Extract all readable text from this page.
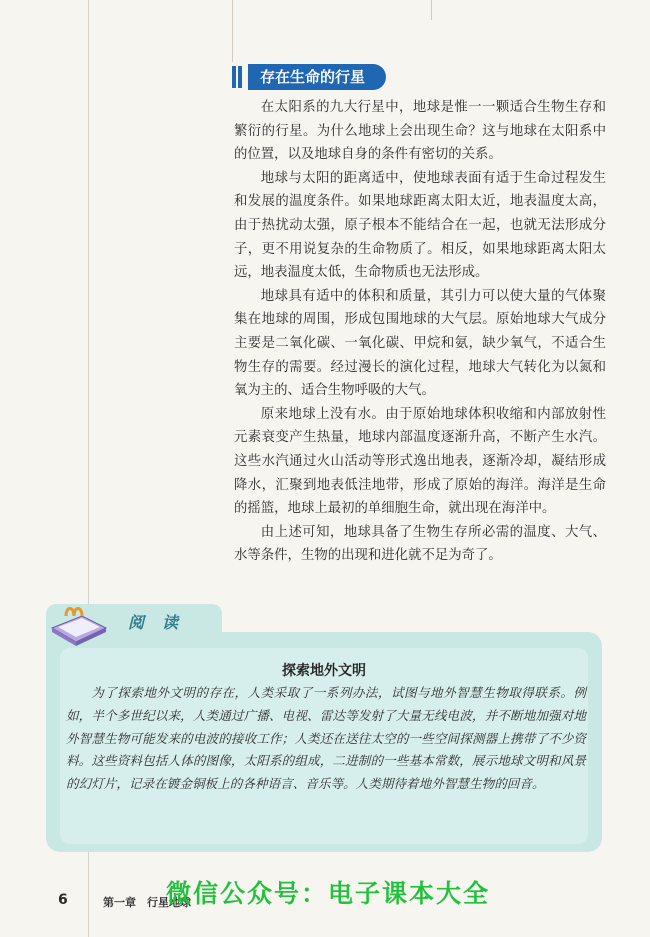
存在生命的行星

在太阳系的九大行星中，地球是惟一一颗适合生物生存和繁衍的行星。为什么地球上会出现生命？这与地球在太阳系中的位置，以及地球自身的条件有密切的关系。

地球与太阳的距离适中，使地球表面有适于生命过程发生和发展的温度条件。如果地球距离太阳太近，地表温度太高，由于热扰动太强，原子根本不能结合在一起，也就无法形成分子，更不用说复杂的生命物质了。相反，如果地球距离太阳太远，地表温度太低，生命物质也无法形成。

地球具有适中的体积和质量，其引力可以使大量的气体聚集在地球的周围，形成包围地球的大气层。原始地球大气成分主要是二氧化碳、一氧化碳、甲烷和氨，缺少氧气，不适合生物生存的需要。经过漫长的演化过程，地球大气转化为以氮和氧为主的、适合生物呼吸的大气。

原来地球上没有水。由于原始地球体积收缩和内部放射性元素衰变产生热量，地球内部温度逐渐升高，不断产生水汽。这些水汽通过火山活动等形式逸出地表，逐渐冷却，凝结形成降水，汇聚到地表低洼地带，形成了原始的海洋。海洋是生命的摇篮，地球上最初的单细胞生命，就出现在海洋中。

由上述可知，地球具备了生物生存所必需的温度、大气、水等条件，生物的出现和进化就不足为奇了。

阅读
探索地外文明

为了探索地外文明的存在，人类采取了一系列办法，试图与地外智慧生物取得联系。例如，半个多世纪以来，人类通过广播、电视、雷达等发射了大量无线电波，并不断地加强对地外智慧生物可能发来的电波的接收工作；人类还在送往太空的一些空间探测器上携带了不少资料。这些资料包括人体的图像，太阳系的组成，二进制的一些基本常数，展示地球文明和风景的幻灯片，记录在镀金铜板上的各种语言、音乐等。人类期待着地外智慧生物的回音。

6	第一章　行星地球
微信公众号：电子课本大全
